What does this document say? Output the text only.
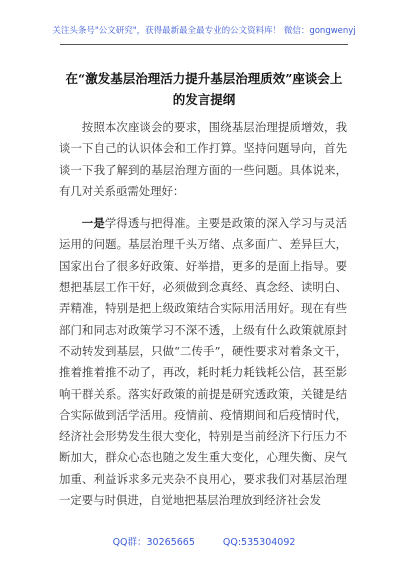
关注头条号"公文研究"，获得最新最全最专业的公文资料库！ 微信：gongwenyj
在“激发基层治理活力提升基层治理质效”座谈会上的发言提纲

按照本次座谈会的要求，围绕基层治理提质增效，我谈一下自己的认识体会和工作打算。坚持问题导向，首先谈一下我了解到的基层治理方面的一些问题。具体说来，有几对关系亟需处理好：

一是学得透与把得准。主要是政策的深入学习与灵活运用的问题。基层治理千头万绪、点多面广、差异巨大，国家出台了很多好政策、好举措，更多的是面上指导。要想把基层工作干好，必须做到念真经、真念经、读明白、弄精准，特别是把上级政策结合实际用活用好。现在有些部门和同志对政策学习不深不透，上级有什么政策就原封不动转发到基层，只做“二传手”，硬性要求对着条文干，推着推着推不动了，再改，耗时耗力耗钱耗公信，甚至影响干群关系。落实好政策的前提是研究透政策，关键是结合实际做到活学活用。疫情前、疫情期间和后疫情时代，经济社会形势发生很大变化，特别是当前经济下行压力不断加大，群众心态也随之发生重大变化，心理失衡、戾气加重、利益诉求多元夹杂不良用心，要求我们对基层治理一定要与时俱进，自觉地把基层治理放到经济社会发

QQ群：30265665	QQ:535304092
